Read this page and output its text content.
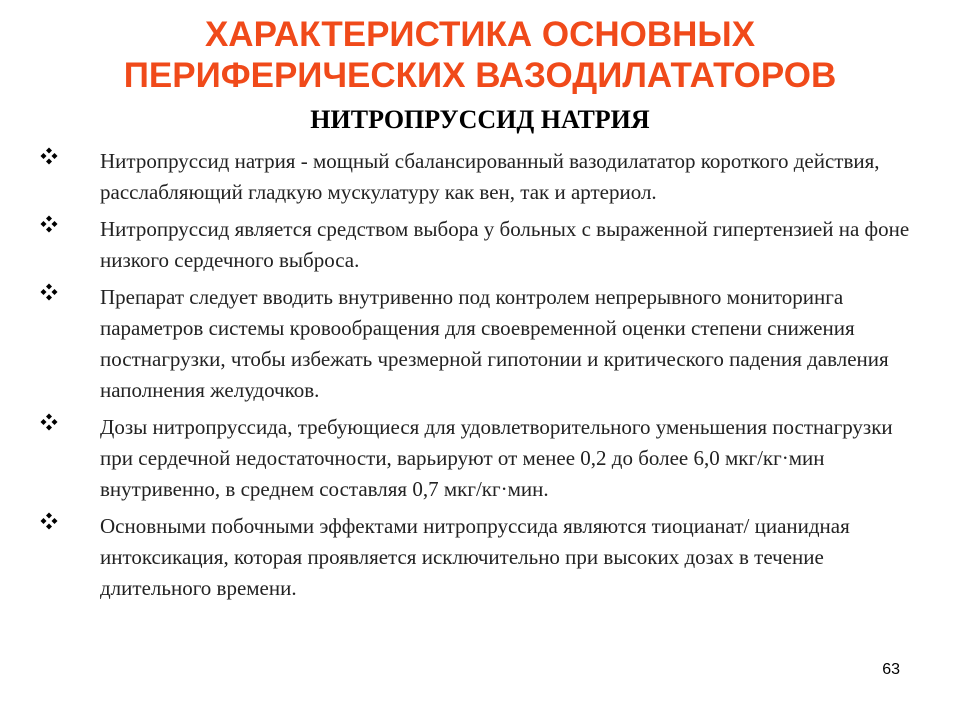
ХАРАКТЕРИСТИКА ОСНОВНЫХ
ПЕРИФЕРИЧЕСКИХ ВАЗОДИЛАТАТОРОВ
НИТРОПРУССИД НАТРИЯ
Нитропруссид натрия - мощный сбалансированный вазодилататор короткого действия, расслабляющий гладкую мускулатуру как вен, так и артериол.
Нитропруссид является средством выбора у больных с выраженной гипертензией на фоне низкого сердечного выброса.
Препарат следует вводить внутривенно под контролем непрерывного мониторинга параметров системы кровообращения для своевременной оценки степени снижения постнагрузки, чтобы избежать чрезмерной гипотонии и критического падения давления наполнения желудочков.
Дозы нитропруссида, требующиеся для удовлетворительного уменьшения постнагрузки при сердечной недостаточности, варьируют от менее 0,2 до более 6,0 мкг/кг·мин внутривенно, в среднем составляя 0,7 мкг/кг·мин.
Основными побочными эффектами нитропруссида являются тиоцианат/ цианидная интоксикация, которая проявляется исключительно при высоких дозах в течение длительного времени.
63
